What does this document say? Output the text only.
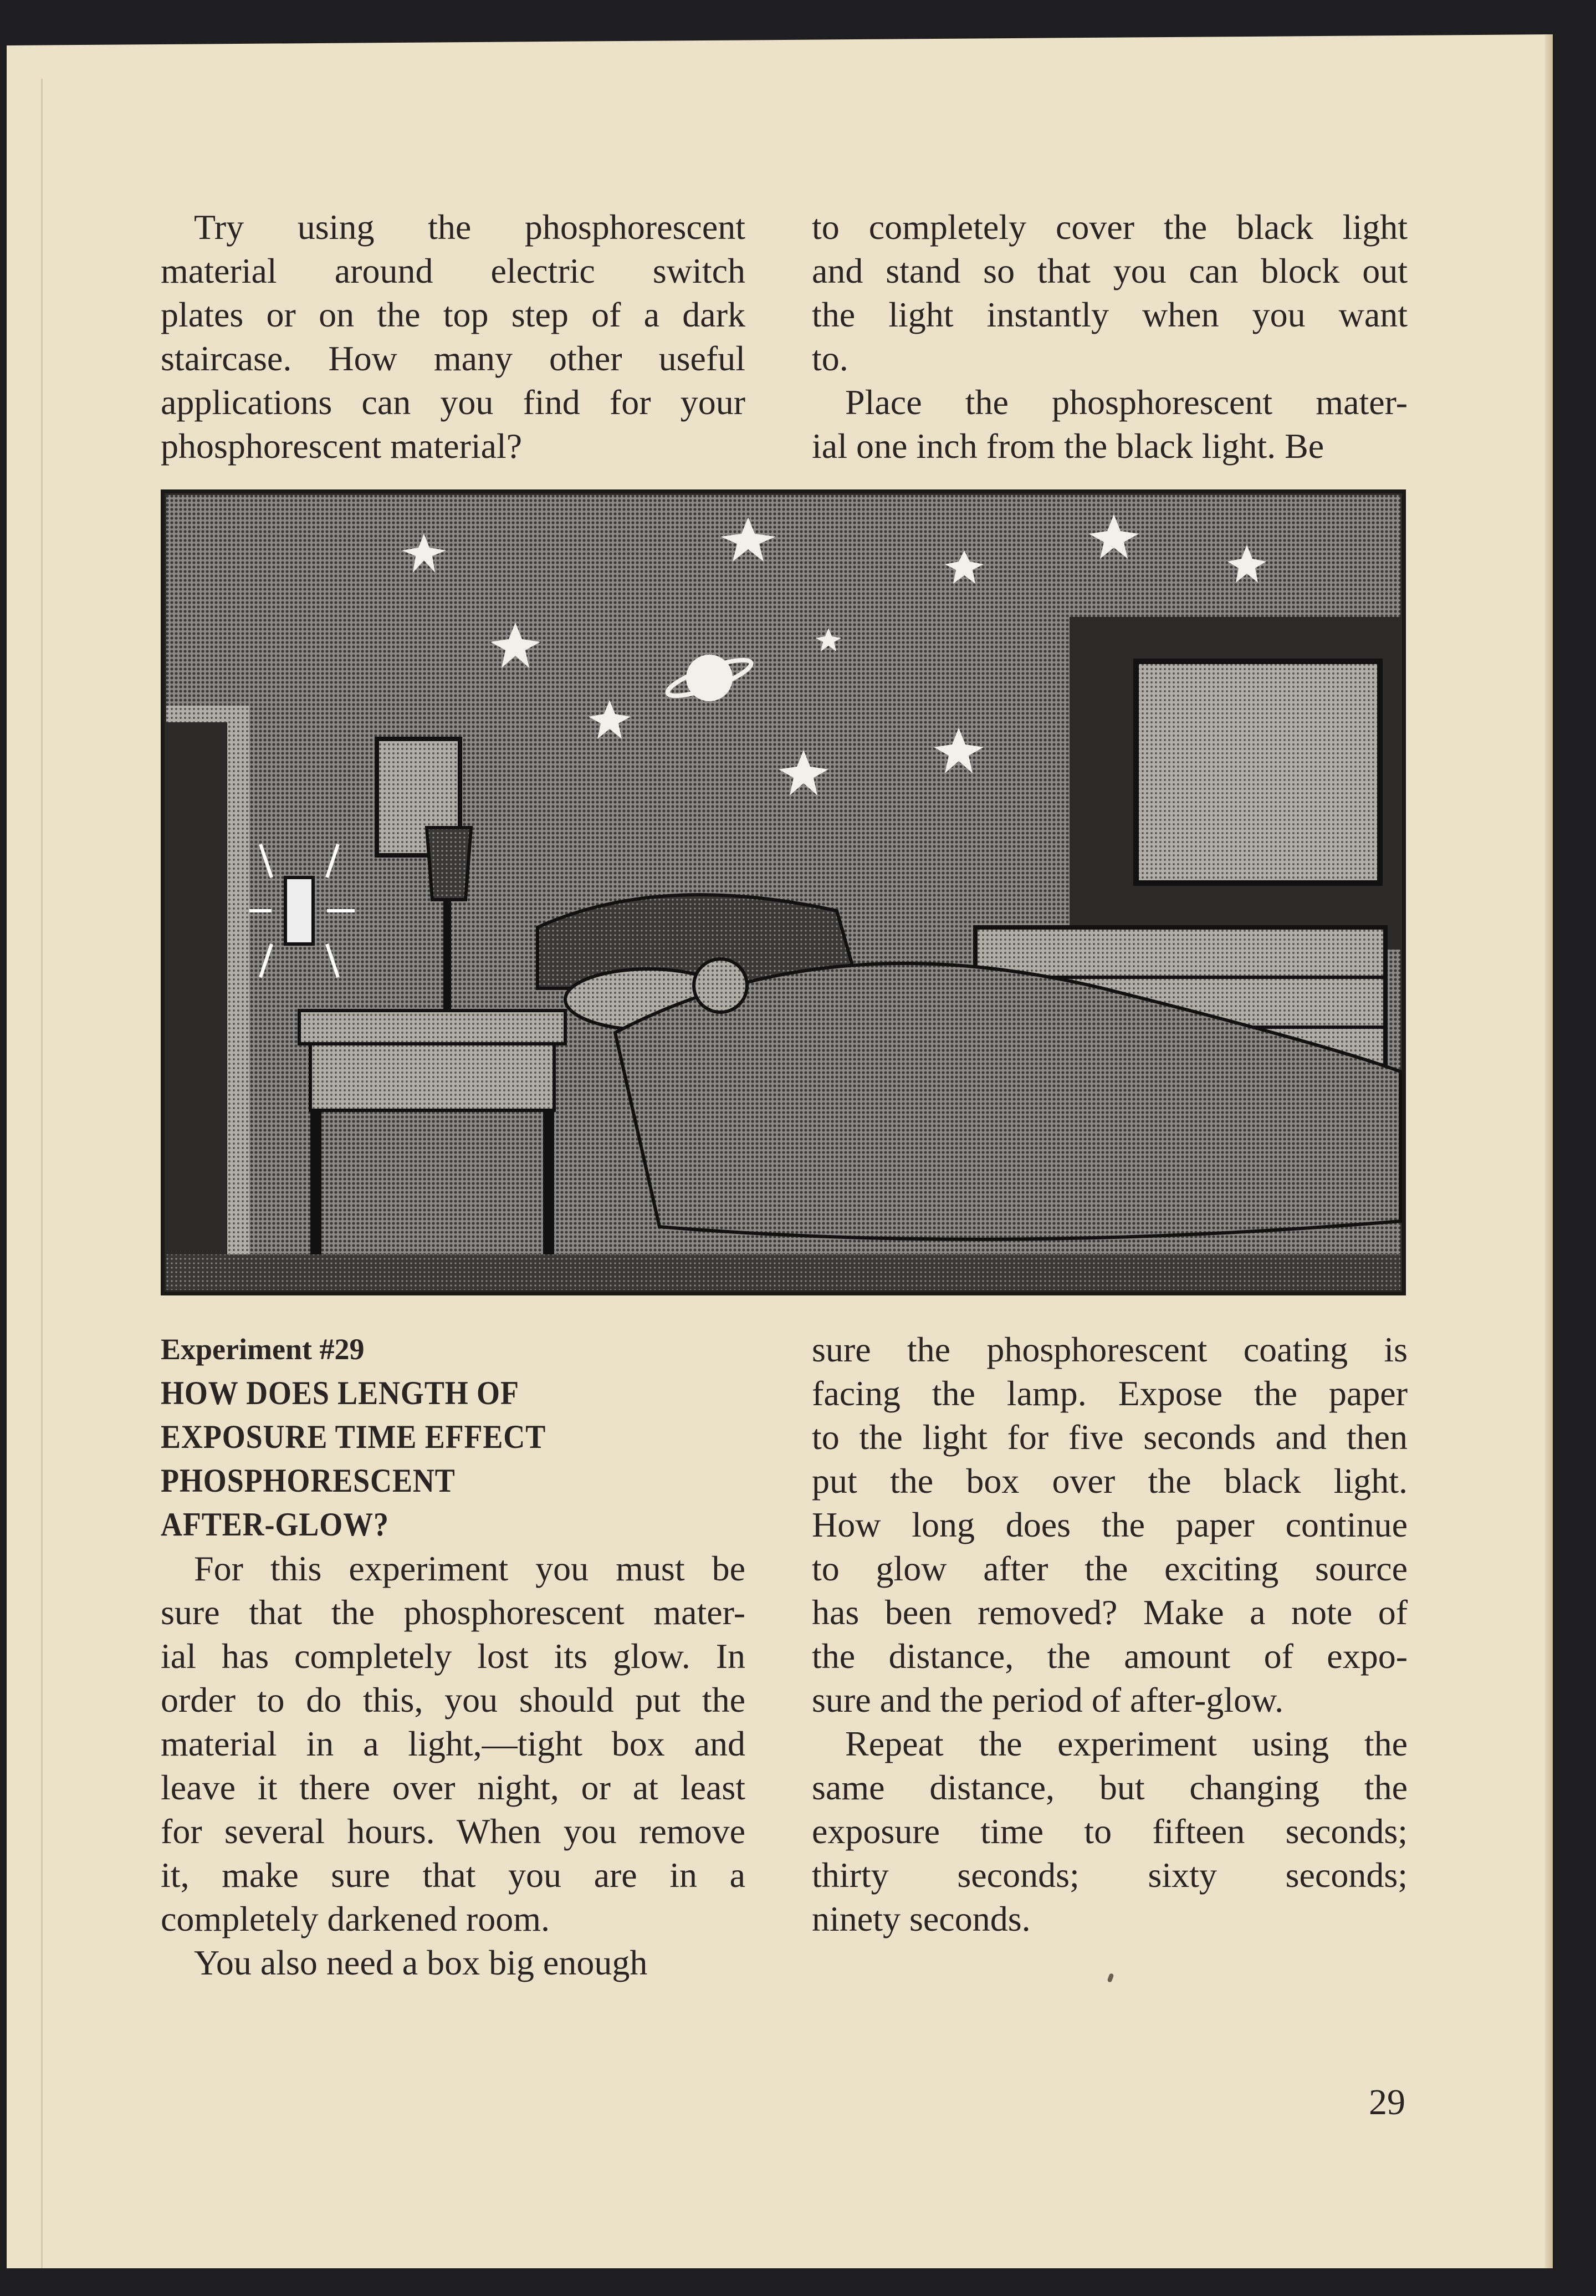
Try using the phosphorescent
material around electric switch
plates or on the top step of a dark
staircase. How many other useful
applications can you find for your
phosphorescent material?
to completely cover the black light
and stand so that you can block out
the light instantly when you want
to.
Place the phosphorescent mater-
ial one inch from the black light. Be
Experiment #29
HOW DOES LENGTH OF
EXPOSURE TIME EFFECT
PHOSPHORESCENT
AFTER-GLOW?
For this experiment you must be
sure that the phosphorescent mater-
ial has completely lost its glow. In
order to do this, you should put the
material in a light,—tight box and
leave it there over night, or at least
for several hours. When you remove
it, make sure that you are in a
completely darkened room.
You also need a box big enough
sure the phosphorescent coating is
facing the lamp. Expose the paper
to the light for five seconds and then
put the box over the black light.
How long does the paper continue
to glow after the exciting source
has been removed? Make a note of
the distance, the amount of expo-
sure and the period of after-glow.
Repeat the experiment using the
same distance, but changing the
exposure time to fifteen seconds;
thirty seconds; sixty seconds;
ninety seconds.
29
